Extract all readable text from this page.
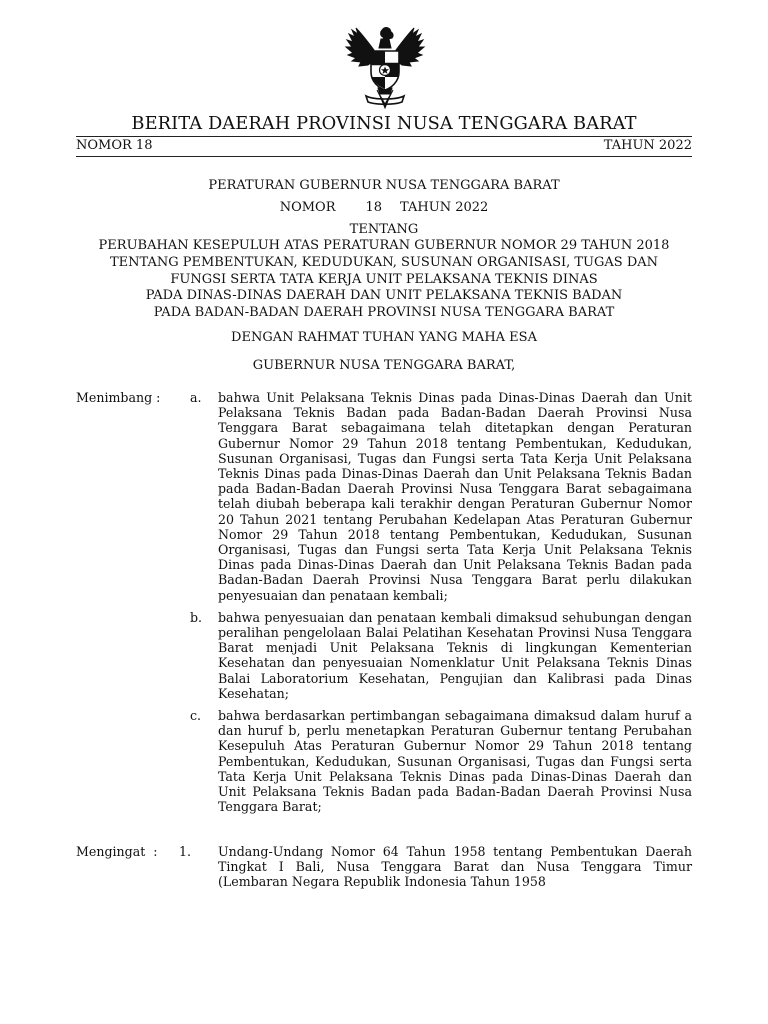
BERITA DAERAH PROVINSI NUSA TENGGARA BARAT
NOMOR 18	TAHUN 2022
PERATURAN GUBERNUR NUSA TENGGARA BARAT
NOMOR 18 TAHUN 2022
TENTANG
PERUBAHAN KESEPULUH ATAS PERATURAN GUBERNUR NOMOR 29 TAHUN 2018
TENTANG PEMBENTUKAN, KEDUDUKAN, SUSUNAN ORGANISASI, TUGAS DAN
FUNGSI SERTA TATA KERJA UNIT PELAKSANA TEKNIS DINAS
PADA DINAS-DINAS DAERAH DAN UNIT PELAKSANA TEKNIS BADAN
PADA BADAN-BADAN DAERAH PROVINSI NUSA TENGGARA BARAT
DENGAN RAHMAT TUHAN YANG MAHA ESA
GUBERNUR NUSA TENGGARA BARAT,
Menimbang : a. bahwa Unit Pelaksana Teknis Dinas pada Dinas-Dinas Daerah dan Unit Pelaksana Teknis Badan pada Badan-Badan Daerah Provinsi Nusa Tenggara Barat sebagaimana telah ditetapkan dengan Peraturan Gubernur Nomor 29 Tahun 2018 tentang Pembentukan, Kedudukan, Susunan Organisasi, Tugas dan Fungsi serta Tata Kerja Unit Pelaksana Teknis Dinas pada Dinas-Dinas Daerah dan Unit Pelaksana Teknis Badan pada Badan-Badan Daerah Provinsi Nusa Tenggara Barat sebagaimana telah diubah beberapa kali terakhir dengan Peraturan Gubernur Nomor 20 Tahun 2021 tentang Perubahan Kedelapan Atas Peraturan Gubernur Nomor 29 Tahun 2018 tentang Pembentukan, Kedudukan, Susunan Organisasi, Tugas dan Fungsi serta Tata Kerja Unit Pelaksana Teknis Dinas pada Dinas-Dinas Daerah dan Unit Pelaksana Teknis Badan pada Badan-Badan Daerah Provinsi Nusa Tenggara Barat perlu dilakukan penyesuaian dan penataan kembali;
b. bahwa penyesuaian dan penataan kembali dimaksud sehubungan dengan peralihan pengelolaan Balai Pelatihan Kesehatan Provinsi Nusa Tenggara Barat menjadi Unit Pelaksana Teknis di lingkungan Kementerian Kesehatan dan penyesuaian Nomenklatur Unit Pelaksana Teknis Dinas Balai Laboratorium Kesehatan, Pengujian dan Kalibrasi pada Dinas Kesehatan;
c. bahwa berdasarkan pertimbangan sebagaimana dimaksud dalam huruf a dan huruf b, perlu menetapkan Peraturan Gubernur tentang Perubahan Kesepuluh Atas Peraturan Gubernur Nomor 29 Tahun 2018 tentang Pembentukan, Kedudukan, Susunan Organisasi, Tugas dan Fungsi serta Tata Kerja Unit Pelaksana Teknis Dinas pada Dinas-Dinas Daerah dan Unit Pelaksana Teknis Badan pada Badan-Badan Daerah Provinsi Nusa Tenggara Barat;
Mengingat  : 1. Undang-Undang Nomor 64 Tahun 1958 tentang Pembentukan Daerah Tingkat I Bali, Nusa Tenggara Barat dan Nusa Tenggara Timur (Lembaran Negara Republik Indonesia Tahun 1958
